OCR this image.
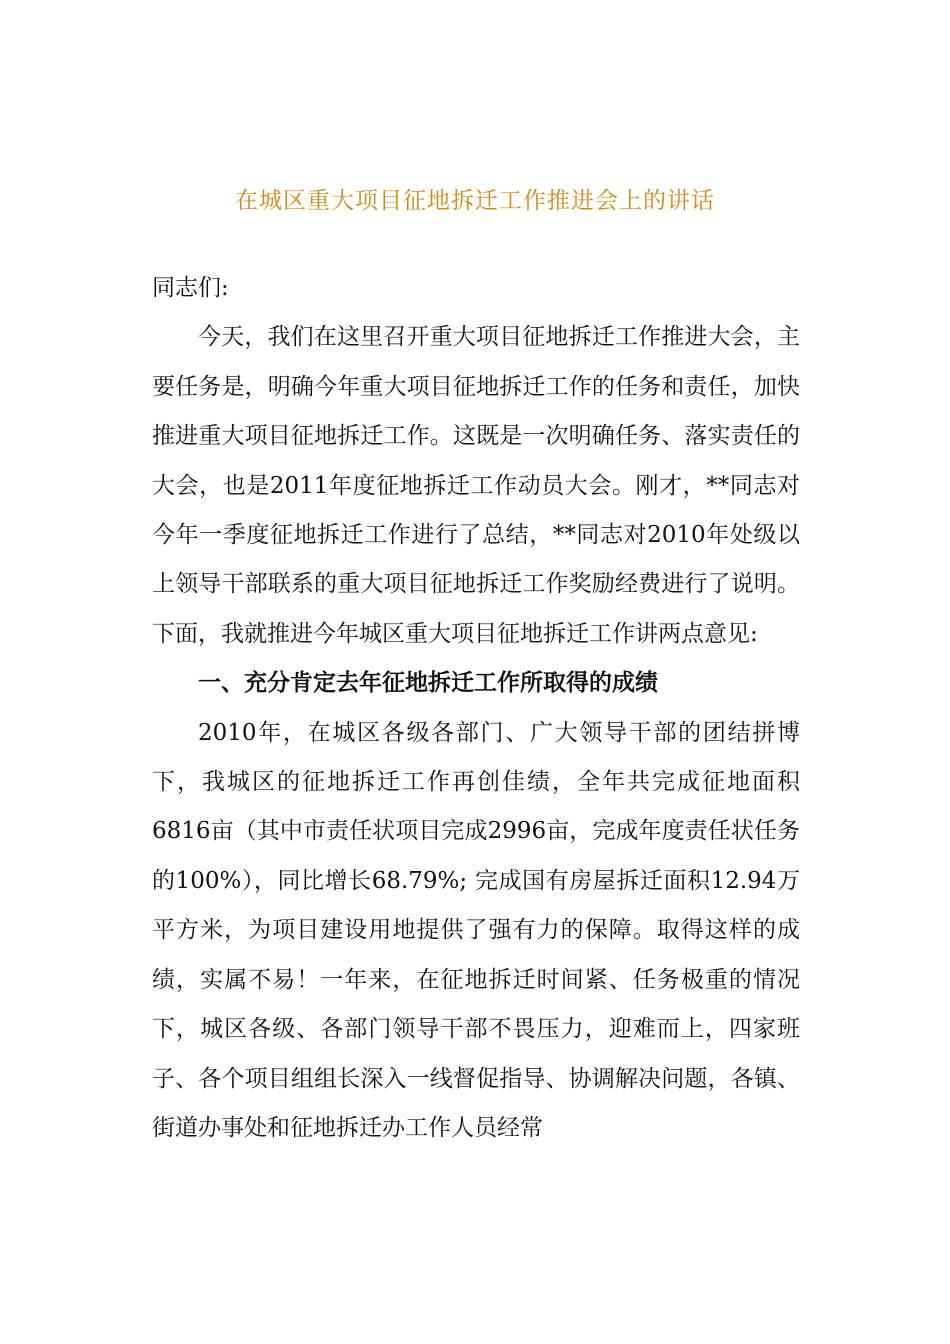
在城区重大项目征地拆迁工作推进会上的讲话

同志们:

今天，我们在这里召开重大项目征地拆迁工作推进大会，主要任务是，明确今年重大项目征地拆迁工作的任务和责任，加快推进重大项目征地拆迁工作。这既是一次明确任务、落实责任的大会，也是2011年度征地拆迁工作动员大会。刚才，**同志对今年一季度征地拆迁工作进行了总结，**同志对2010年处级以上领导干部联系的重大项目征地拆迁工作奖励经费进行了说明。下面，我就推进今年城区重大项目征地拆迁工作讲两点意见:

一、充分肯定去年征地拆迁工作所取得的成绩

2010年，在城区各级各部门、广大领导干部的团结拼博下，我城区的征地拆迁工作再创佳绩，全年共完成征地面积6816亩（其中市责任状项目完成2996亩，完成年度责任状任务的100%），同比增长68.79%; 完成国有房屋拆迁面积12.94万平方米，为项目建设用地提供了强有力的保障。取得这样的成绩，实属不易！一年来，在征地拆迁时间紧、任务极重的情况下，城区各级、各部门领导干部不畏压力，迎难而上，四家班子、各个项目组组长深入一线督促指导、协调解决问题，各镇、街道办事处和征地拆迁办工作人员经常
